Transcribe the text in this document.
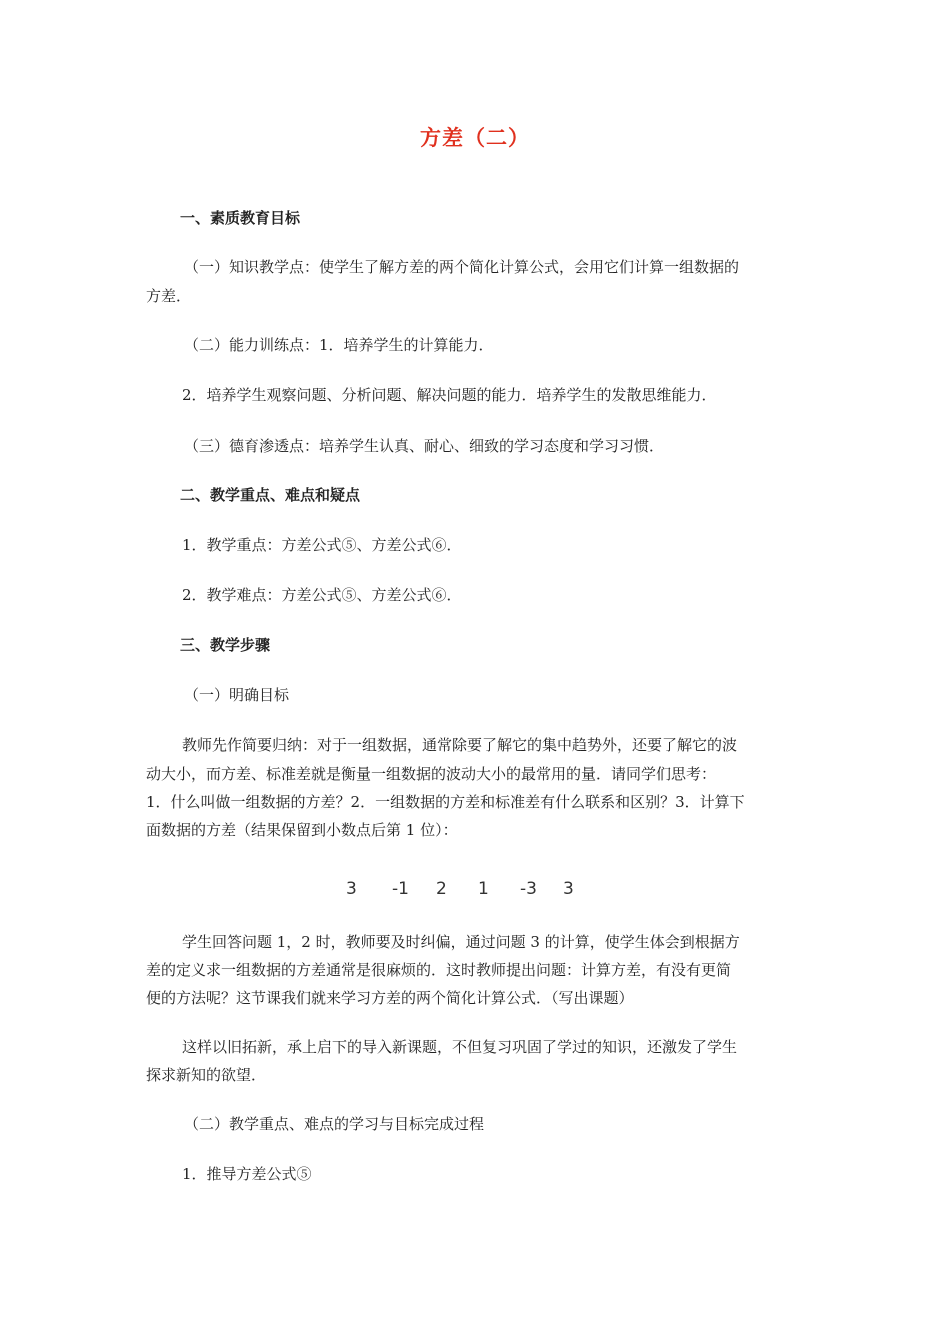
方差（二）
一、素质教育目标
（一）知识教学点：使学生了解方差的两个简化计算公式，会用它们计算一组数据的
方差．
（二）能力训练点：1．培养学生的计算能力．
2．培养学生观察问题、分析问题、解决问题的能力．培养学生的发散思维能力．
（三）德育渗透点：培养学生认真、耐心、细致的学习态度和学习习惯．
二、教学重点、难点和疑点
1．教学重点：方差公式⑤、方差公式⑥．
2．教学难点：方差公式⑤、方差公式⑥．
三、教学步骤
（一）明确目标
教师先作简要归纳：对于一组数据，通常除要了解它的集中趋势外，还要了解它的波
动大小，而方差、标准差就是衡量一组数据的波动大小的最常用的量．请同学们思考：
1．什么叫做一组数据的方差？2．一组数据的方差和标准差有什么联系和区别？3．计算下
面数据的方差（结果保留到小数点后第 1 位）：
3 -1 2 1 -3 3
学生回答问题 1，2 时，教师要及时纠偏，通过问题 3 的计算，使学生体会到根据方
差的定义求一组数据的方差通常是很麻烦的．这时教师提出问题：计算方差，有没有更简
便的方法呢？这节课我们就来学习方差的两个简化计算公式．（写出课题）
这样以旧拓新，承上启下的导入新课题，不但复习巩固了学过的知识，还激发了学生
探求新知的欲望．
（二）教学重点、难点的学习与目标完成过程
1．推导方差公式⑤
